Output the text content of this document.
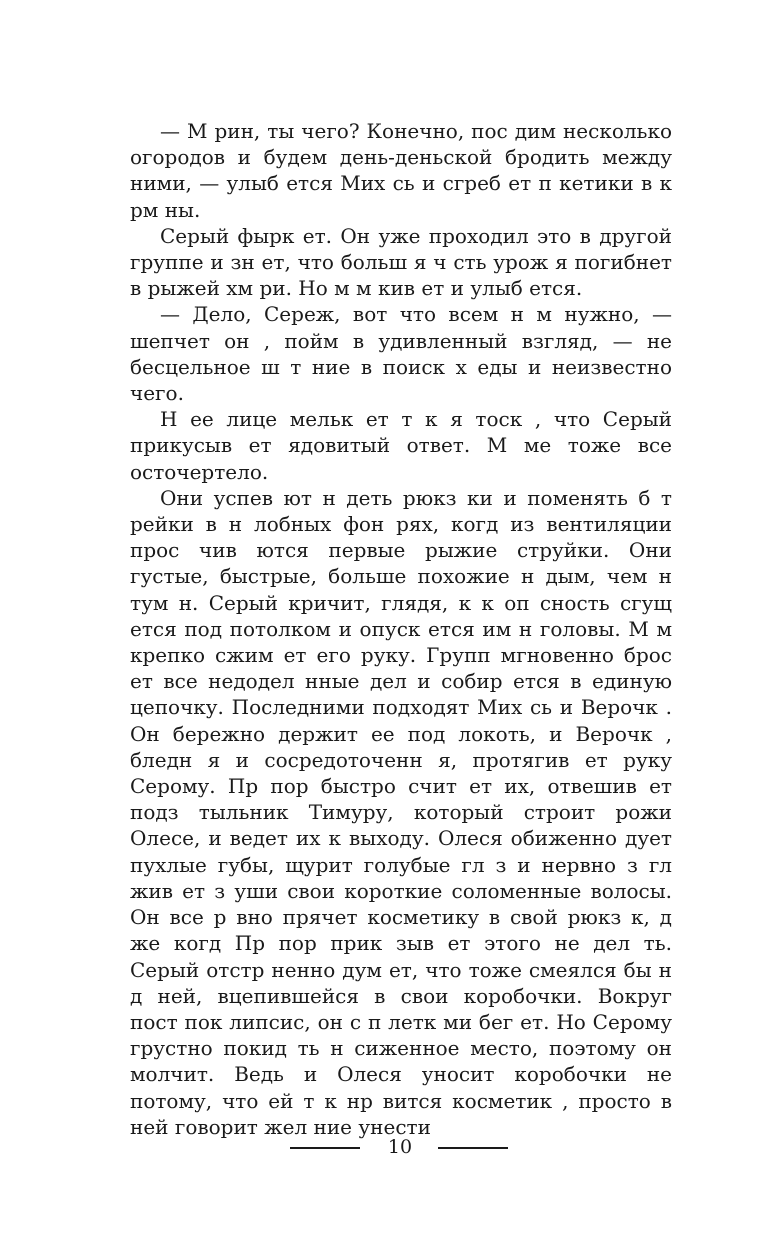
— М рин, ты чего? Конечно, пос дим несколько огородов и будем день-деньской бродить между ними, — улыб ется Мих сь и сгреб ет п кетики в к рм ны.

Серый фырк ет. Он уже проходил это в другой группе и зн ет, что больш я ч сть урож я погибнет в рыжей хм ри. Но м м кив ет и улыб ется.

— Дело, Сереж, вот что всем н м нужно, — шепчет он , пойм в удивленный взгляд, — не бесцельное ш т ние в поиск х еды и неизвестно чего.

Н ее лице мельк ет т к я тоск , что Серый прикусыв ет ядовитый ответ. М ме тоже все осточертело.

Они успев ют н деть рюкз ки и поменять б т рейки в н лобных фон рях, когд из вентиляции прос чив ются первые рыжие струйки. Они густые, быстрые, больше похожие н дым, чем н тум н. Серый кричит, глядя, к к оп сность сгущ ется под потолком и опуск ется им н головы. М м крепко сжим ет его руку. Групп мгновенно брос ет все недодел нные дел и собир ется в единую цепочку. Последними подходят Мих сь и Верочк . Он бережно держит ее под локоть, и Верочк , бледн я и сосредоточенн я, протягив ет руку Серому. Пр пор быстро счит ет их, отвешив ет подз тыльник Тимуру, который строит рожи Олесе, и ведет их к выходу. Олеся обиженно дует пухлые губы, щурит голубые гл з и нервно з гл жив ет з уши свои короткие соломенные волосы. Он все р вно прячет косметику в свой рюкз к, д же когд Пр пор прик зыв ет этого не дел ть. Серый отстр ненно дум ет, что тоже смеялся бы н д ней, вцепившейся в свои коробочки. Вокруг пост пок липсис, он с п летк ми бег ет. Но Серому грустно покид ть н сиженное место, поэтому он молчит. Ведь и Олеся уносит коробочки не потому, что ей т к нр вится косметик , просто в ней говорит жел ние унести

10
